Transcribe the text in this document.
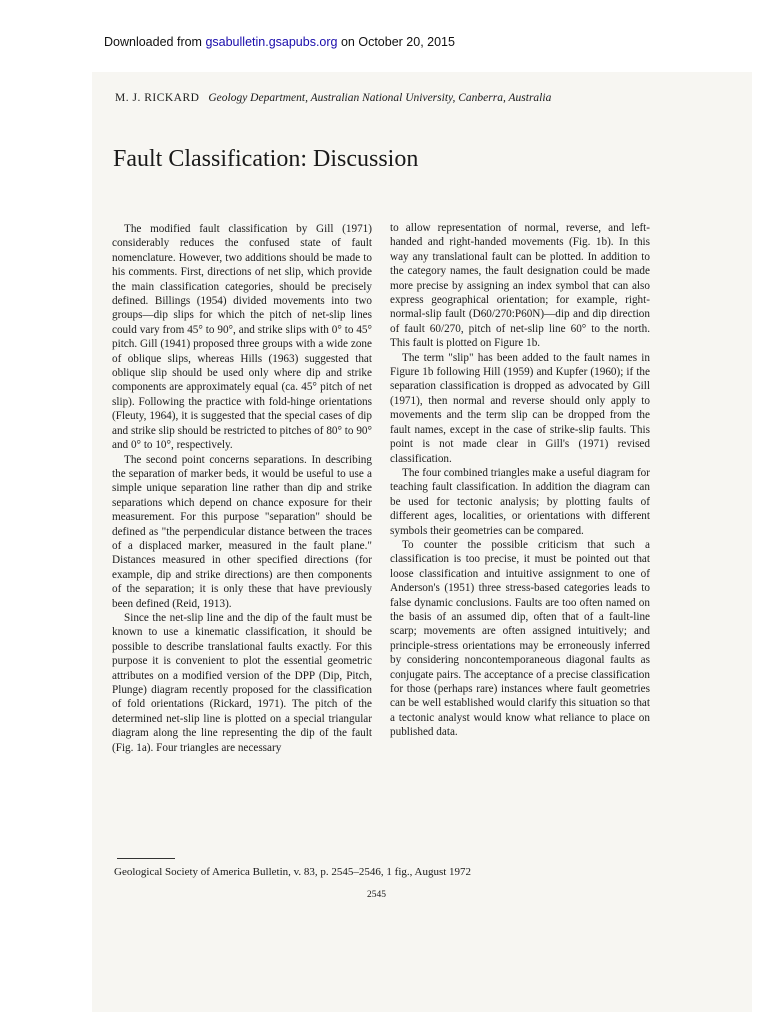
Downloaded from gsabulletin.gsapubs.org on October 20, 2015
M. J. RICKARD Geology Department, Australian National University, Canberra, Australia
Fault Classification: Discussion

The modified fault classification by Gill (1971) considerably reduces the confused state of fault nomenclature. However, two additions should be made to his comments. First, directions of net slip, which provide the main classification categories, should be precisely defined. Billings (1954) divided movements into two groups—dip slips for which the pitch of net-slip lines could vary from 45° to 90°, and strike slips with 0° to 45° pitch. Gill (1941) proposed three groups with a wide zone of oblique slips, whereas Hills (1963) suggested that oblique slip should be used only where dip and strike components are approximately equal (ca. 45° pitch of net slip). Following the practice with fold-hinge orientations (Fleuty, 1964), it is suggested that the special cases of dip and strike slip should be restricted to pitches of 80° to 90° and 0° to 10°, respectively.

The second point concerns separations. In describing the separation of marker beds, it would be useful to use a simple unique separation line rather than dip and strike separations which depend on chance exposure for their measurement. For this purpose "separation" should be defined as "the perpendicular distance between the traces of a displaced marker, measured in the fault plane." Distances measured in other specified directions (for example, dip and strike directions) are then components of the separation; it is only these that have previously been defined (Reid, 1913).

Since the net-slip line and the dip of the fault must be known to use a kinematic classification, it should be possible to describe translational faults exactly. For this purpose it is convenient to plot the essential geometric attributes on a modified version of the DPP (Dip, Pitch, Plunge) diagram recently proposed for the classification of fold orientations (Rickard, 1971). The pitch of the determined net-slip line is plotted on a special triangular diagram along the line representing the dip of the fault (Fig. 1a). Four triangles are necessary

to allow representation of normal, reverse, and left-handed and right-handed movements (Fig. 1b). In this way any translational fault can be plotted. In addition to the category names, the fault designation could be made more precise by assigning an index symbol that can also express geographical orientation; for example, right-normal-slip fault (D60/270:P60N)—dip and dip direction of fault 60/270, pitch of net-slip line 60° to the north. This fault is plotted on Figure 1b.

The term "slip" has been added to the fault names in Figure 1b following Hill (1959) and Kupfer (1960); if the separation classification is dropped as advocated by Gill (1971), then normal and reverse should only apply to movements and the term slip can be dropped from the fault names, except in the case of strike-slip faults. This point is not made clear in Gill's (1971) revised classification.

The four combined triangles make a useful diagram for teaching fault classification. In addition the diagram can be used for tectonic analysis; by plotting faults of different ages, localities, or orientations with different symbols their geometries can be compared.

To counter the possible criticism that such a classification is too precise, it must be pointed out that loose classification and intuitive assignment to one of Anderson's (1951) three stress-based categories leads to false dynamic conclusions. Faults are too often named on the basis of an assumed dip, often that of a fault-line scarp; movements are often assigned intuitively; and principle-stress orientations may be erroneously inferred by considering noncontemporaneous diagonal faults as conjugate pairs. The acceptance of a precise classification for those (perhaps rare) instances where fault geometries can be well established would clarify this situation so that a tectonic analyst would know what reliance to place on published data.

Geological Society of America Bulletin, v. 83, p. 2545–2546, 1 fig., August 1972
2545
